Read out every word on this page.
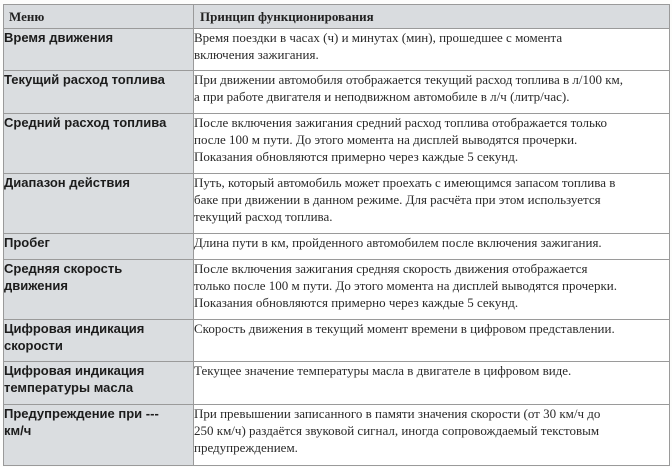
Меню	Принцип функционирования
Время движения	Время поездки в часах (ч) и минутах (мин), прошедшее с момента
включения зажигания.
Текущий расход топлива	При движении автомобиля отображается текущий расход топлива в л/100 км,
а при работе двигателя и неподвижном автомобиле в л/ч (литр/час).
Средний расход топлива	После включения зажигания средний расход топлива отображается только
после 100 м пути. До этого момента на дисплей выводятся прочерки.
Показания обновляются примерно через каждые 5 секунд.
Диапазон действия	Путь, который автомобиль может проехать с имеющимся запасом топлива в
баке при движении в данном режиме. Для расчёта при этом используется
текущий расход топлива.
Пробег	Длина пути в км, пройденного автомобилем после включения зажигания.
Средняя скорость
движения	После включения зажигания средняя скорость движения отображается
только после 100 м пути. До этого момента на дисплей выводятся прочерки.
Показания обновляются примерно через каждые 5 секунд.
Цифровая индикация
скорости	Скорость движения в текущий момент времени в цифровом представлении.
Цифровая индикация
температуры масла	Текущее значение температуры масла в двигателе в цифровом виде.
Предупреждение при ---
км/ч	При превышении записанного в памяти значения скорости (от 30 км/ч до
250 км/ч) раздаётся звуковой сигнал, иногда сопровождаемый текстовым
предупреждением.
